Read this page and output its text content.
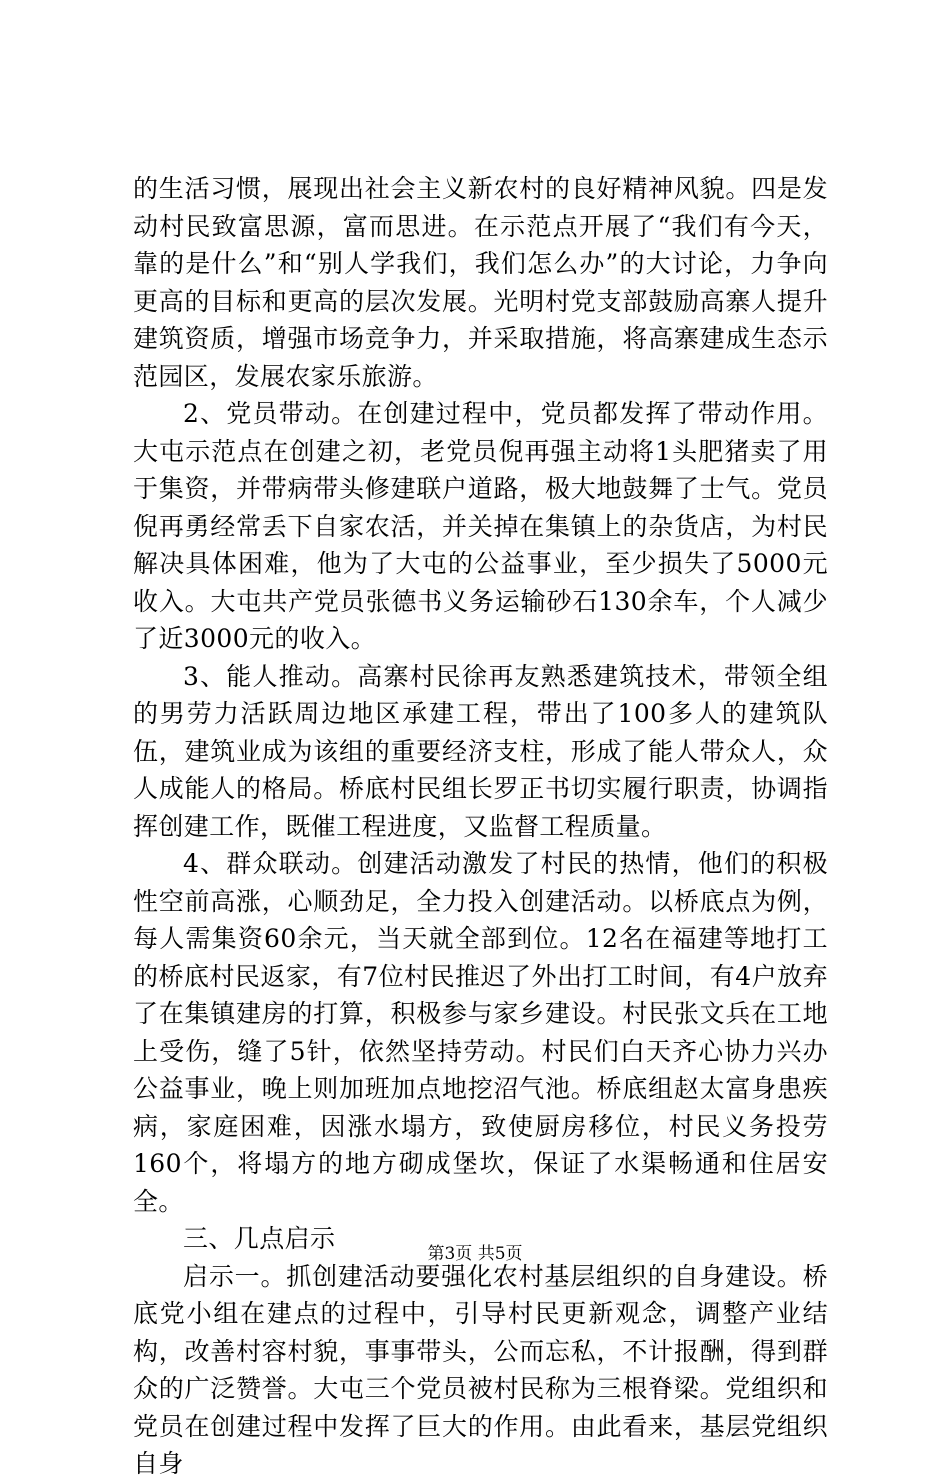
的生活习惯，展现出社会主义新农村的良好精神风貌。四是发动村民致富思源，富而思进。在示范点开展了“我们有今天，靠的是什么”和“别人学我们，我们怎么办”的大讨论，力争向更高的目标和更高的层次发展。光明村党支部鼓励高寨人提升建筑资质，增强市场竞争力，并采取措施，将高寨建成生态示范园区，发展农家乐旅游。

2、党员带动。在创建过程中，党员都发挥了带动作用。大屯示范点在创建之初，老党员倪再强主动将1头肥猪卖了用于集资，并带病带头修建联户道路，极大地鼓舞了士气。党员倪再勇经常丢下自家农活，并关掉在集镇上的杂货店，为村民解决具体困难，他为了大屯的公益事业，至少损失了5000元收入。大屯共产党员张德书义务运输砂石130余车，个人减少了近3000元的收入。

3、能人推动。高寨村民徐再友熟悉建筑技术，带领全组的男劳力活跃周边地区承建工程，带出了100多人的建筑队伍，建筑业成为该组的重要经济支柱，形成了能人带众人，众人成能人的格局。桥底村民组长罗正书切实履行职责，协调指挥创建工作，既催工程进度，又监督工程质量。

4、群众联动。创建活动激发了村民的热情，他们的积极性空前高涨，心顺劲足，全力投入创建活动。以桥底点为例，每人需集资60余元，当天就全部到位。12名在福建等地打工的桥底村民返家，有7位村民推迟了外出打工时间，有4户放弃了在集镇建房的打算，积极参与家乡建设。村民张文兵在工地上受伤，缝了5针，依然坚持劳动。村民们白天齐心协力兴办公益事业，晚上则加班加点地挖沼气池。桥底组赵太富身患疾病，家庭困难，因涨水塌方，致使厨房移位，村民义务投劳160个，将塌方的地方砌成堡坎，保证了水渠畅通和住居安全。

三、几点启示

启示一。抓创建活动要强化农村基层组织的自身建设。桥底党小组在建点的过程中，引导村民更新观念，调整产业结构，改善村容村貌，事事带头，公而忘私，不计报酬，得到群众的广泛赞誉。大屯三个党员被村民称为三根脊梁。党组织和党员在创建过程中发挥了巨大的作用。由此看来，基层党组织自身

第3页 共5页
